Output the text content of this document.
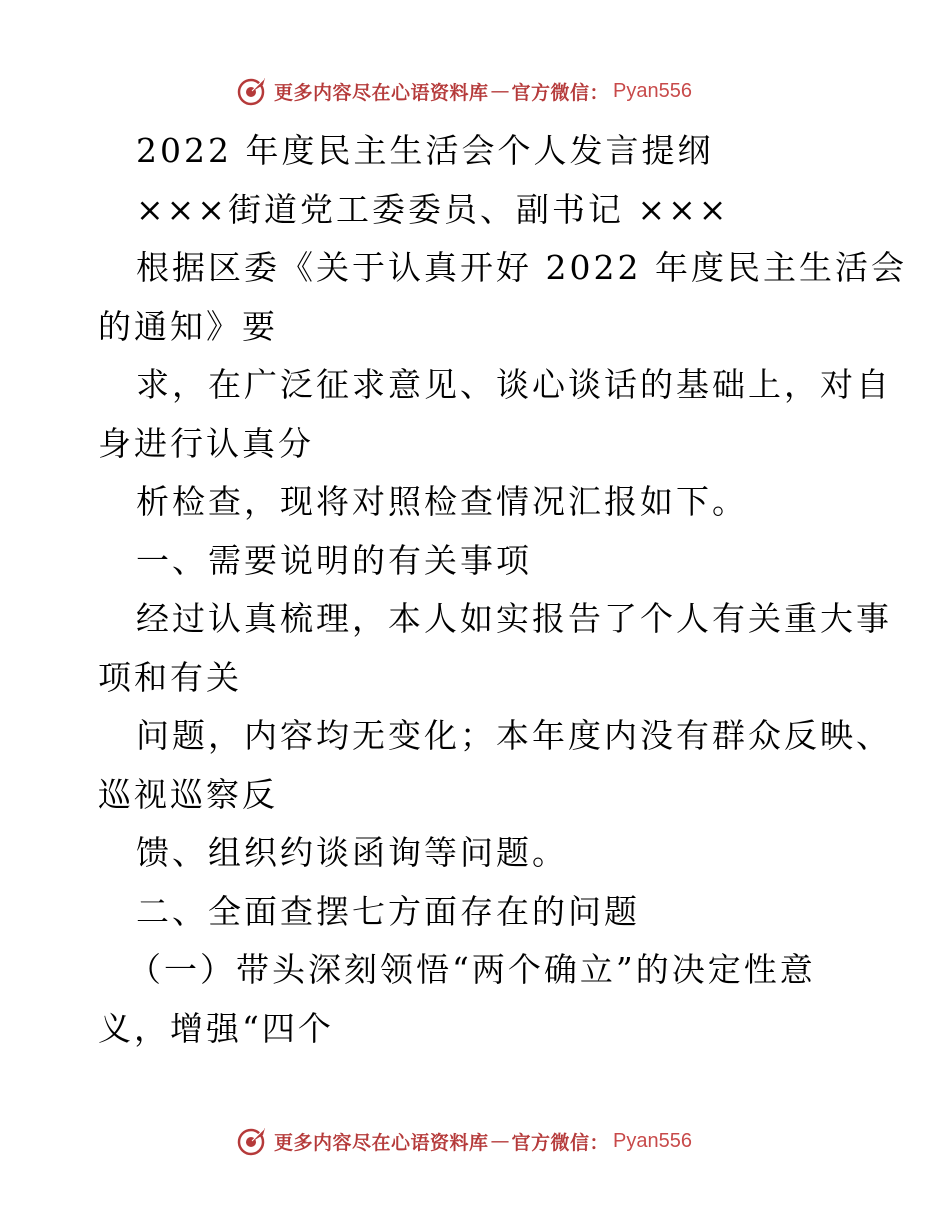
更多内容尽在心语资料库 — 官方微信： Pyan556
2022 年度民主生活会个人发言提纲
×××街道党工委委员、副书记 ×××
根据区委《关于认真开好 2022 年度民主生活会
的通知》要
求，在广泛征求意见、谈心谈话的基础上，对自
身进行认真分
析检查，现将对照检查情况汇报如下。
一、需要说明的有关事项
经过认真梳理，本人如实报告了个人有关重大事
项和有关
问题，内容均无变化；本年度内没有群众反映、
巡视巡察反
馈、组织约谈函询等问题。
二、全面查摆七方面存在的问题
（一）带头深刻领悟“两个确立”的决定性意
义，增强“四个
更多内容尽在心语资料库 — 官方微信： Pyan556
